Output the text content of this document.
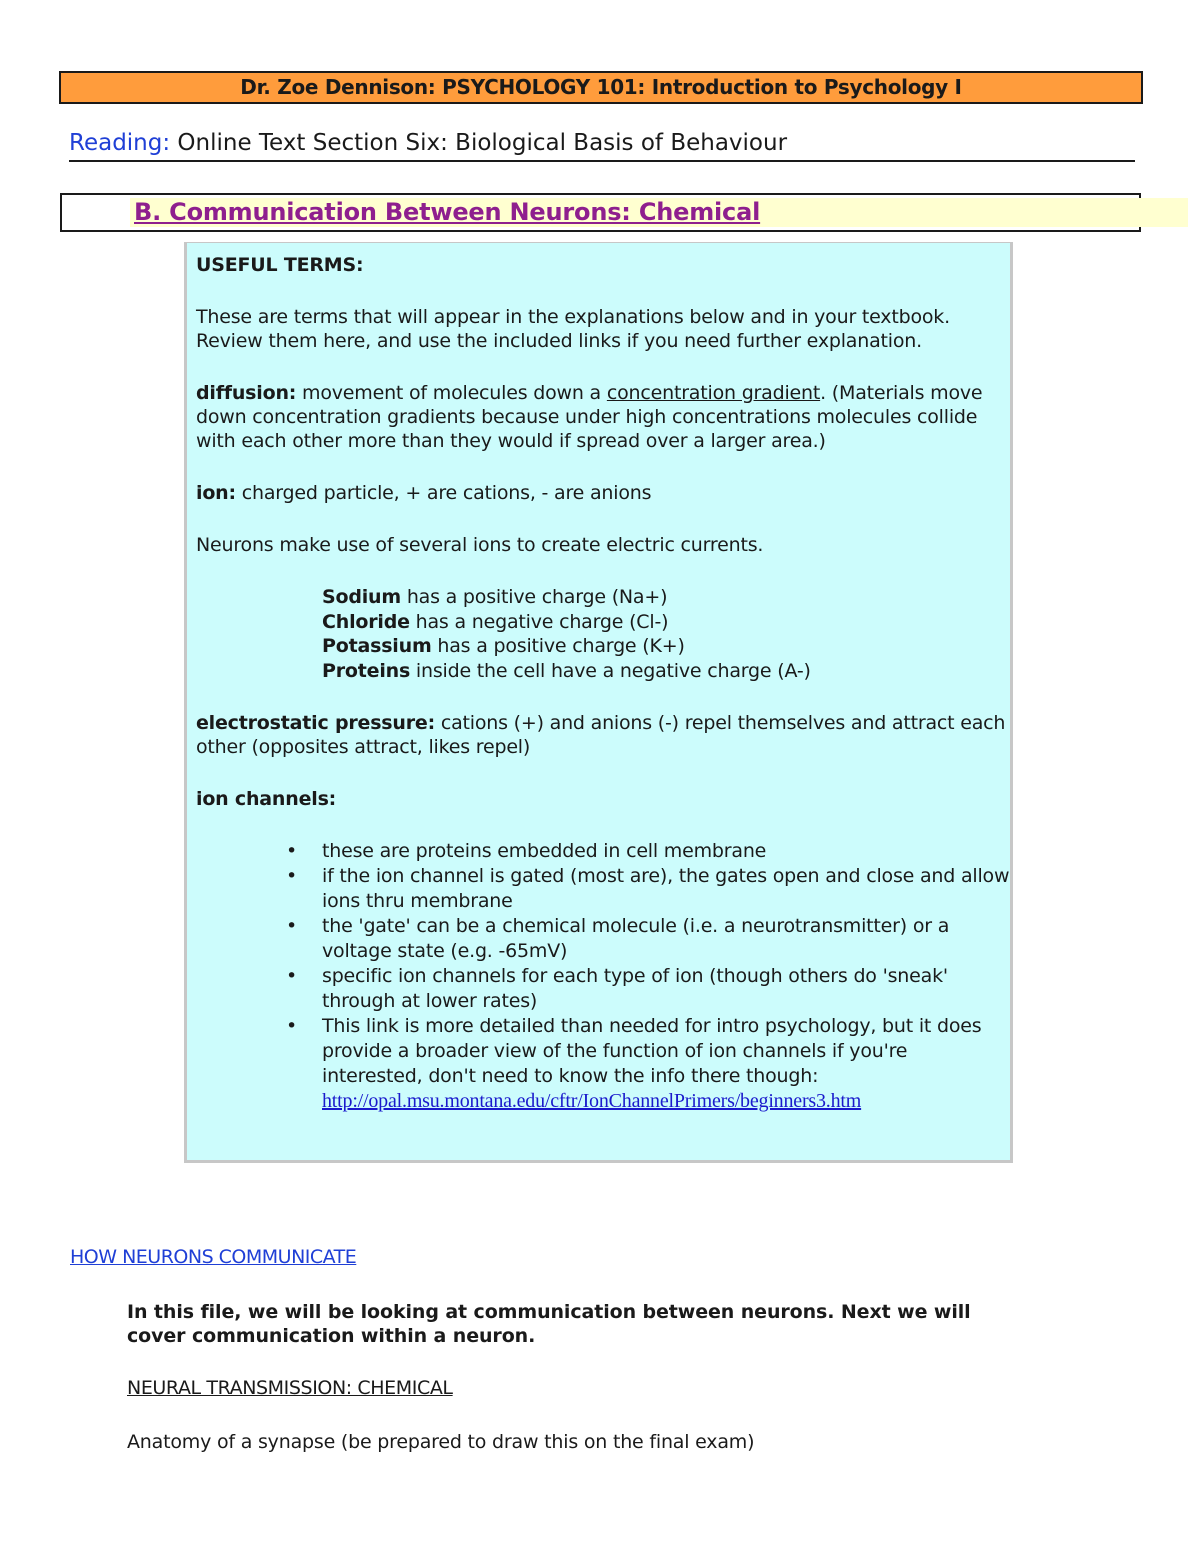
Dr. Zoe Dennison: PSYCHOLOGY 101: Introduction to Psychology I
Reading: Online Text Section Six: Biological Basis of Behaviour
B. Communication Between Neurons: Chemical

USEFUL TERMS:

These are terms that will appear in the explanations below and in your textbook. Review them here, and use the included links if you need further explanation.

diffusion: movement of molecules down a concentration gradient. (Materials move down concentration gradients because under high concentrations molecules collide with each other more than they would if spread over a larger area.)

ion: charged particle, + are cations, - are anions

Neurons make use of several ions to create electric currents.

Sodium has a positive charge (Na+)

Chloride has a negative charge (Cl-)

Potassium has a positive charge (K+)

Proteins inside the cell have a negative charge (A-)

electrostatic pressure: cations (+) and anions (-) repel themselves and attract each other (opposites attract, likes repel)

ion channels:

• these are proteins embedded in cell membrane
• if the ion channel is gated (most are), the gates open and close and allow ions thru membrane
• the 'gate' can be a chemical molecule (i.e. a neurotransmitter) or a voltage state (e.g. -65mV)
• specific ion channels for each type of ion (though others do 'sneak' through at lower rates)
• This link is more detailed than needed for intro psychology, but it does provide a broader view of the function of ion channels if you're interested, don't need to know the info there though:
http://opal.msu.montana.edu/cftr/IonChannelPrimers/beginners3.htm
HOW NEURONS COMMUNICATE
In this file, we will be looking at communication between neurons. Next we will cover communication within a neuron.
NEURAL TRANSMISSION: CHEMICAL
Anatomy of a synapse (be prepared to draw this on the final exam)
